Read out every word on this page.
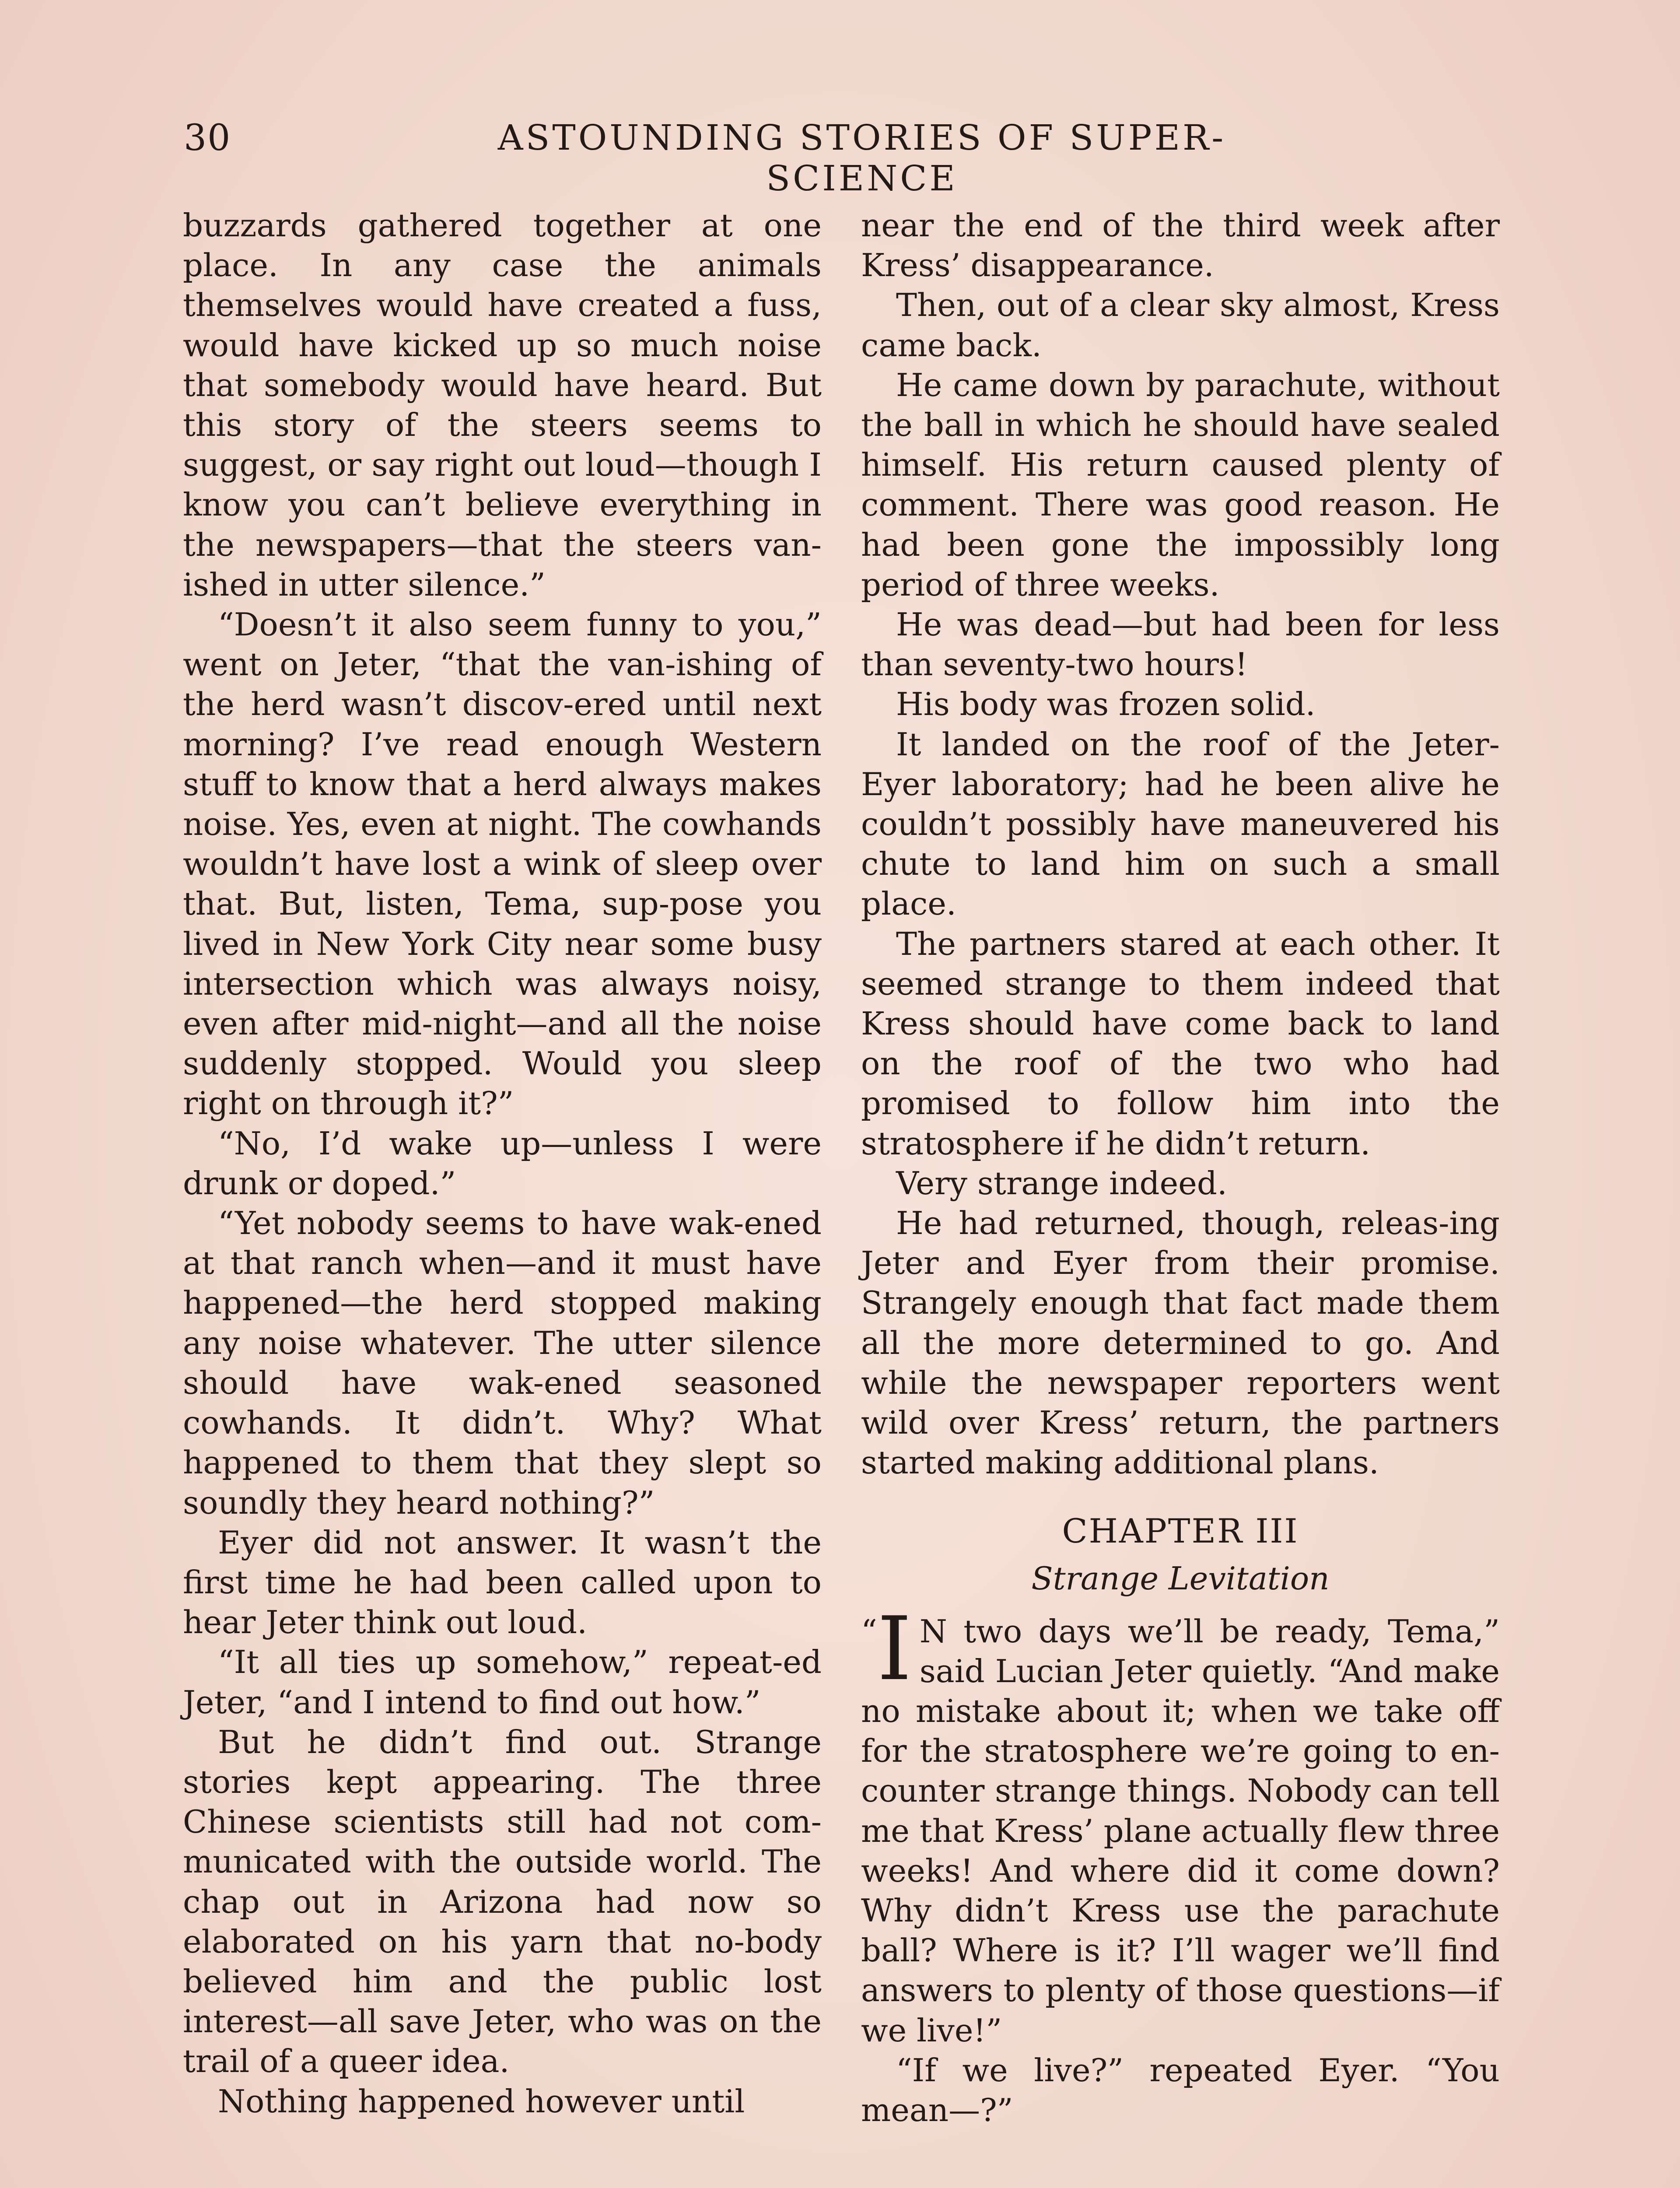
30	ASTOUNDING STORIES OF SUPER-SCIENCE

buzzards gathered together at one place. In any case the animals themselves would have created a fuss, would have kicked up so much noise that somebody would have heard. But this story of the steers seems to suggest, or say right out loud—though I know you can’t believe everything in the newspapers—that the steers van-ished in utter silence.”

“Doesn’t it also seem funny to you,” went on Jeter, “that the van-ishing of the herd wasn’t discov-ered until next morning? I’ve read enough Western stuff to know that a herd always makes noise. Yes, even at night. The cowhands wouldn’t have lost a wink of sleep over that. But, listen, Tema, sup-pose you lived in New York City near some busy intersection which was always noisy, even after mid-night—and all the noise suddenly stopped. Would you sleep right on through it?”

“No, I’d wake up—unless I were drunk or doped.”

“Yet nobody seems to have wak-ened at that ranch when—and it must have happened—the herd stopped making any noise whatever. The utter silence should have wak-ened seasoned cowhands. It didn’t. Why? What happened to them that they slept so soundly they heard nothing?”

Eyer did not answer. It wasn’t the first time he had been called upon to hear Jeter think out loud.

“It all ties up somehow,” repeat-ed Jeter, “and I intend to find out how.”

But he didn’t find out. Strange stories kept appearing. The three Chinese scientists still had not com-municated with the outside world. The chap out in Arizona had now so elaborated on his yarn that no-body believed him and the public lost interest—all save Jeter, who was on the trail of a queer idea.

Nothing happened however until

near the end of the third week after Kress’ disappearance.

Then, out of a clear sky almost, Kress came back.

He came down by parachute, without the ball in which he should have sealed himself. His return caused plenty of comment. There was good reason. He had been gone the impossibly long period of three weeks.

He was dead—but had been for less than seventy-two hours!

His body was frozen solid.

It landed on the roof of the Jeter-Eyer laboratory; had he been alive he couldn’t possibly have maneuvered his chute to land him on such a small place.

The partners stared at each other. It seemed strange to them indeed that Kress should have come back to land on the roof of the two who had promised to follow him into the stratosphere if he didn’t return.

Very strange indeed.

He had returned, though, releas-ing Jeter and Eyer from their promise. Strangely enough that fact made them all the more determined to go. And while the newspaper reporters went wild over Kress’ return, the partners started making additional plans.

CHAPTER III
Strange Levitation

“ I N two days we’ll be ready, Tema,” said Lucian Jeter quietly. “And make no mistake about it; when we take off for the stratosphere we’re going to en-counter strange things. Nobody can tell me that Kress’ plane actually flew three weeks! And where did it come down? Why didn’t Kress use the parachute ball? Where is it? I’ll wager we’ll find answers to plenty of those questions—if we live!”

“If we live?” repeated Eyer. “You mean—?”
